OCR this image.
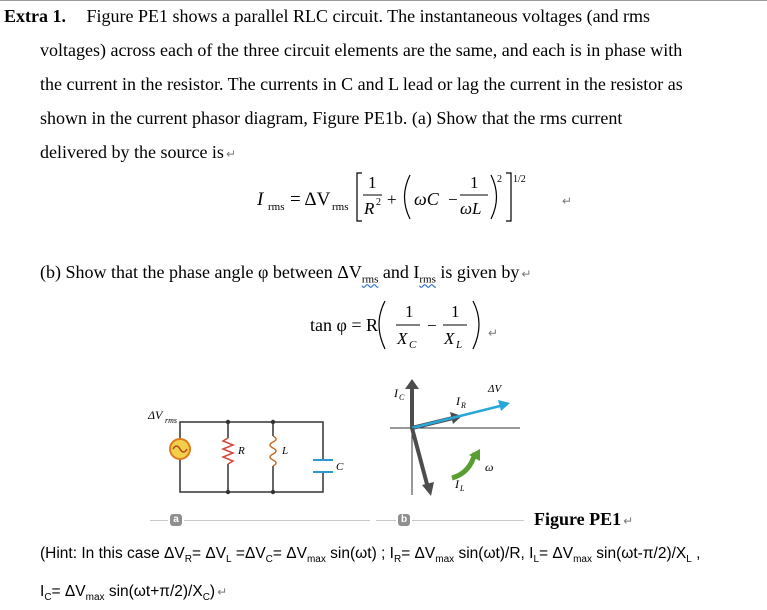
Extra 1. Figure PE1 shows a parallel RLC circuit. The instantaneous voltages (and rms
voltages) across each of the three circuit elements are the same, and each is in phase with
the current in the resistor. The currents in C and L lead or lag the current in the resistor as
shown in the current phasor diagram, Figure PE1b. (a) Show that the rms current
delivered by the source is ↵
I rms = ΔV rms
1
R 2 + ωC −
1
ωL
2 1/2
↵
(b) Show that the phase angle φ between $\Delta V_{rms}$ and $I_{rms}$ is given by ↵
tan φ = R
1
X C
−
1
X L
↵
ΔV rms
R	L
C
I C	I R
ΔV
I L
ω
a	b	Figure PE1 ↵
(Hint: In this case $\Delta V_R= \Delta V_L =\Delta V_C= \Delta V_{max}$ sin(ωt) ; $I_R= \Delta V_{max}$ sin(ωt)/R, $I_L= \Delta V_{max}$ $\sin(\omega t-\pi/2)/X_L$ ,
$I_C= \Delta V_{max}$ $\sin(\omega t+\pi/2)/X_C$) ↵
